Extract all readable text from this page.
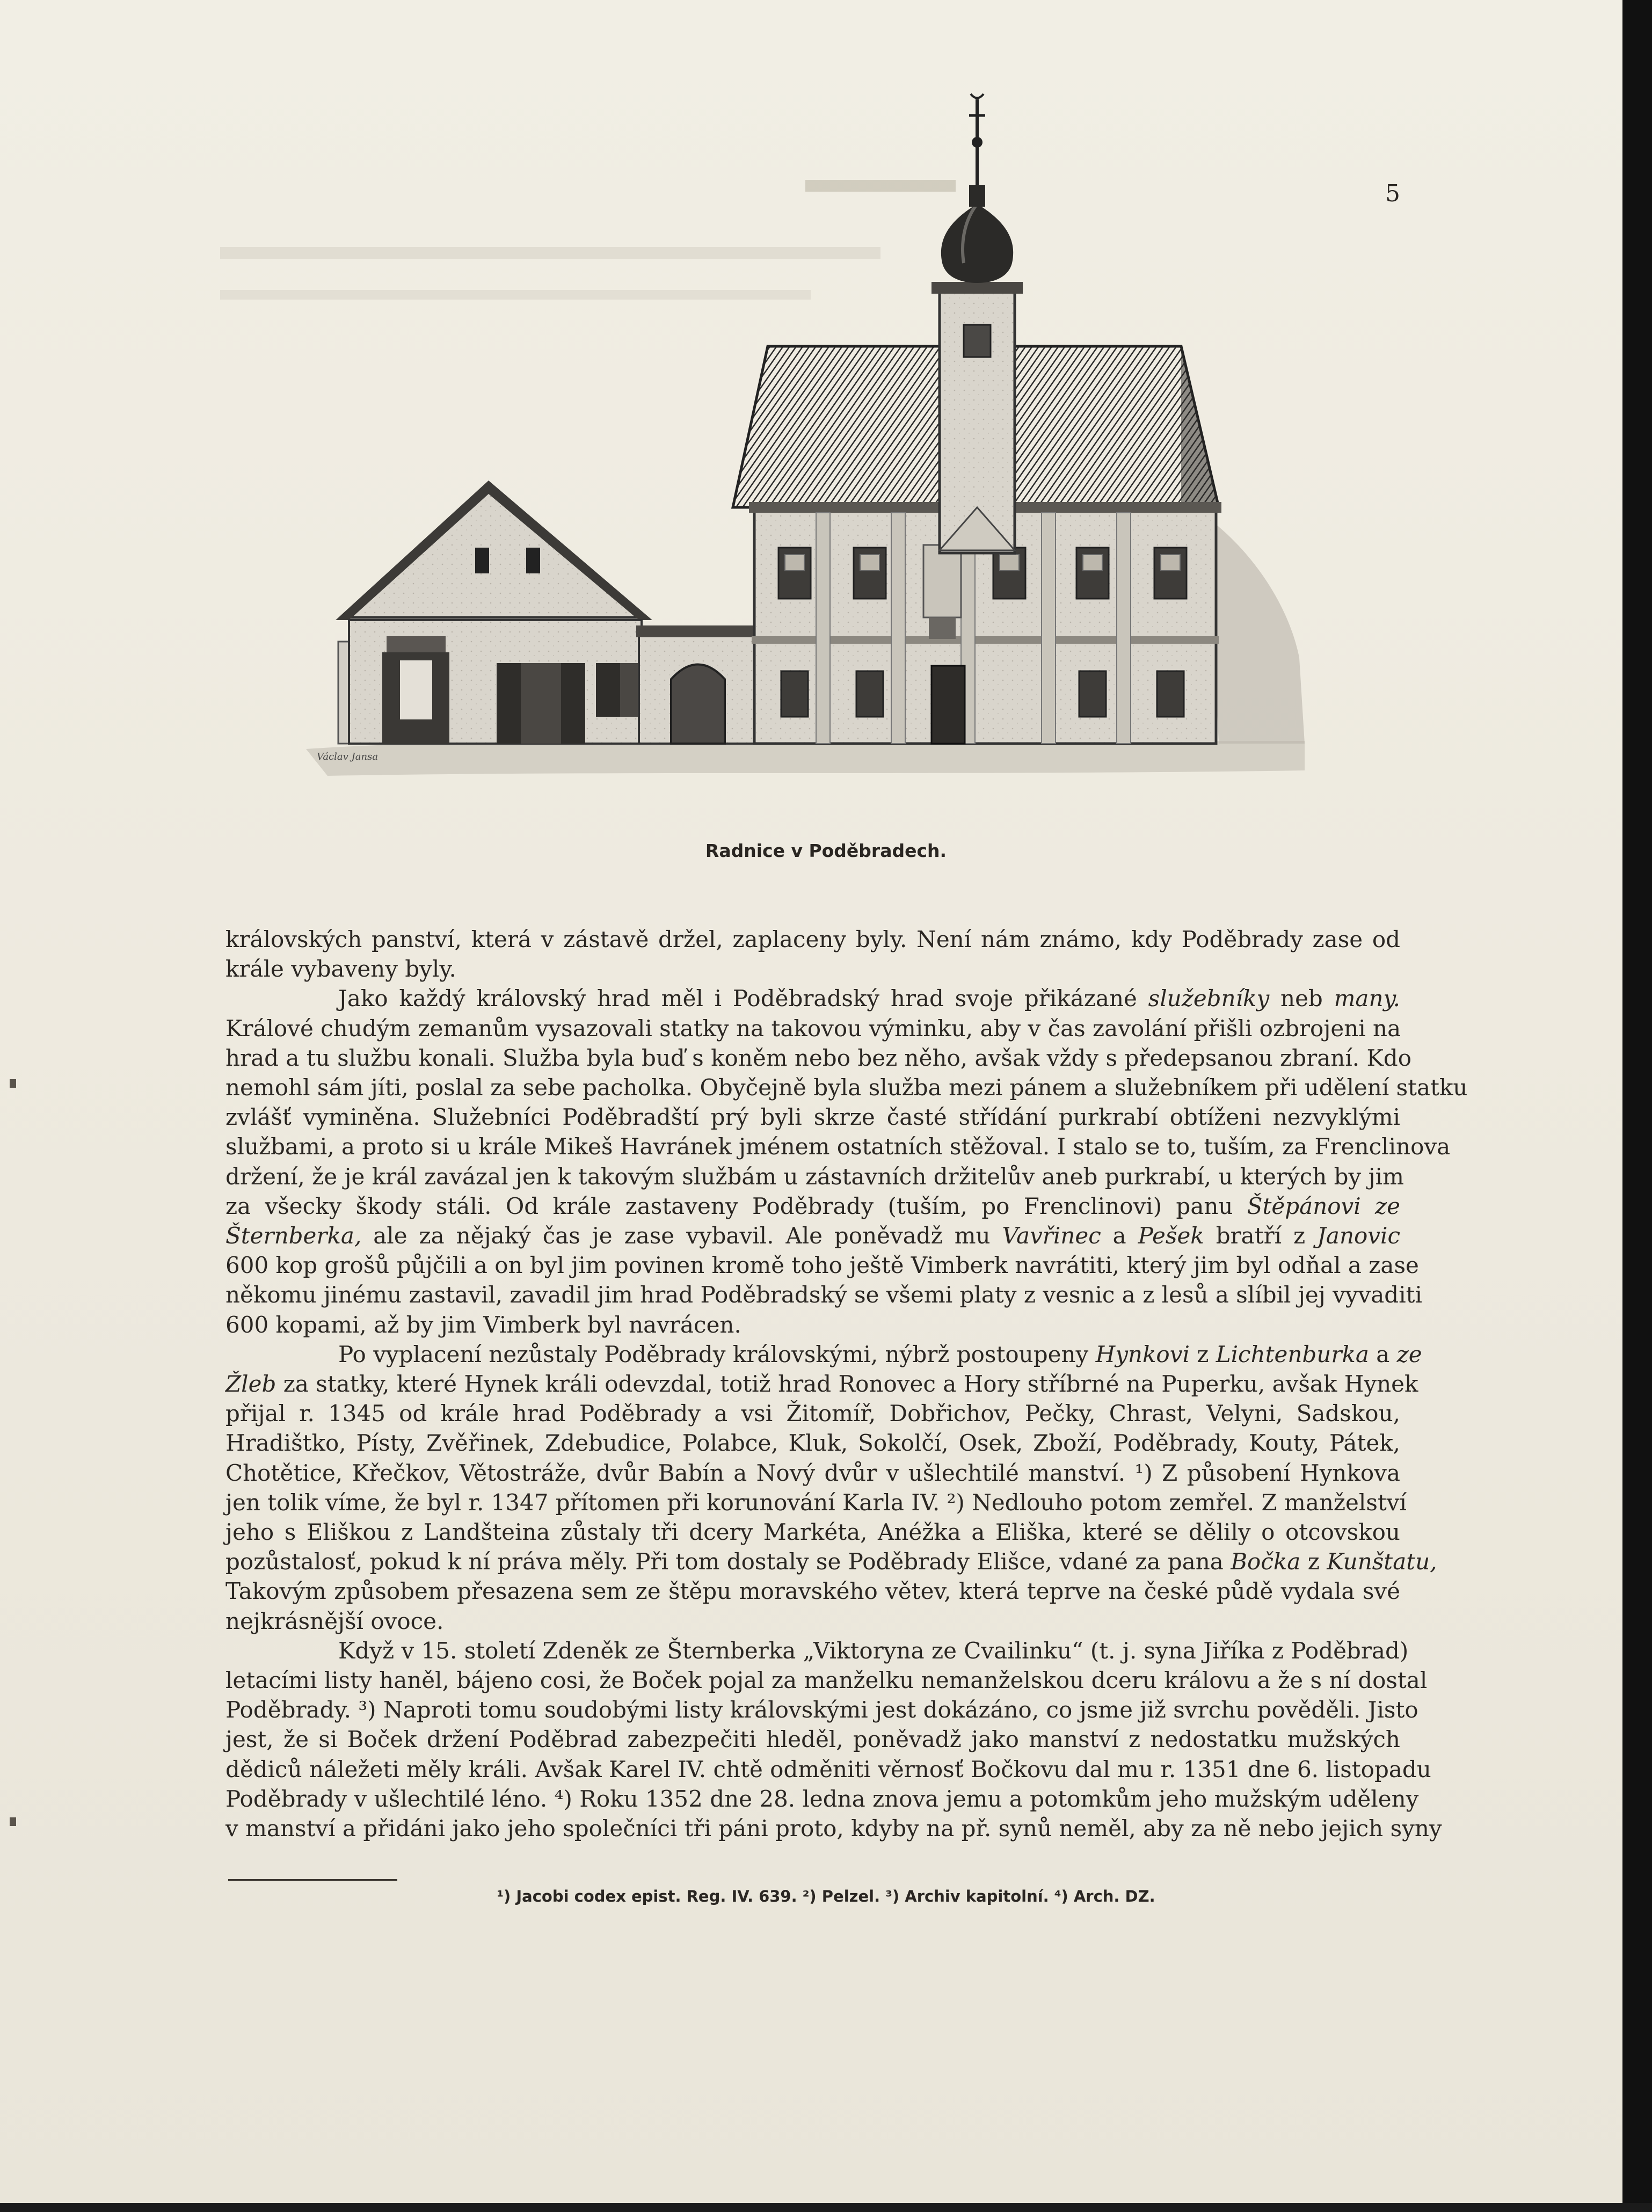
5
Václav Jansa
Radnice v Poděbradech.
královských panství, která v zástavě držel, zaplaceny byly. Není nám známo, kdy Poděbrady zase od
krále vybaveny byly.
Jako každý královský hrad měl i Poděbradský hrad svoje přikázané služebníky neb many.
Králové chudým zemanům vysazovali statky na takovou výminku, aby v čas zavolání přišli ozbrojeni na
hrad a tu službu konali. Služba byla buď s koněm nebo bez něho, avšak vždy s předepsanou zbraní. Kdo
nemohl sám jíti, poslal za sebe pacholka. Obyčejně byla služba mezi pánem a služebníkem při udělení statku
zvlášť vyminěna. Služebníci Poděbradští prý byli skrze časté střídání purkrabí obtíženi nezvyklými
službami, a proto si u krále Mikeš Havránek jménem ostatních stěžoval. I stalo se to, tuším, za Frenclinova
držení, že je král zavázal jen k takovým službám u zástavních držitelův aneb purkrabí, u kterých by jim
za všecky škody stáli. Od krále zastaveny Poděbrady (tuším, po Frenclinovi) panu Štěpánovi ze
Šternberka, ale za nějaký čas je zase vybavil. Ale poněvadž mu Vavřinec a Pešek bratří z Janovic
600 kop grošů půjčili a on byl jim povinen kromě toho ještě Vimberk navrátiti, který jim byl odňal a zase
někomu jinému zastavil, zavadil jim hrad Poděbradský se všemi platy z vesnic a z lesů a slíbil jej vyvaditi
600 kopami, až by jim Vimberk byl navrácen.
Po vyplacení nezůstaly Poděbrady královskými, nýbrž postoupeny Hynkovi z Lichtenburka a ze
Žleb za statky, které Hynek králi odevzdal, totiž hrad Ronovec a Hory stříbrné na Puperku, avšak Hynek
přijal r. 1345 od krále hrad Poděbrady a vsi Žitomíř, Dobřichov, Pečky, Chrast, Velyni, Sadskou,
Hradištko, Písty, Zvěřinek, Zdebudice, Polabce, Kluk, Sokolčí, Osek, Zboží, Poděbrady, Kouty, Pátek,
Chotětice, Křečkov, Větostráže, dvůr Babín a Nový dvůr v ušlechtilé manství. ¹) Z působení Hynkova
jen tolik víme, že byl r. 1347 přítomen při korunování Karla IV. ²) Nedlouho potom zemřel. Z manželství
jeho s Eliškou z Landšteina zůstaly tři dcery Markéta, Anéžka a Eliška, které se dělily o otcovskou
pozůstalosť, pokud k ní práva měly. Při tom dostaly se Poděbrady Elišce, vdané za pana Bočka z Kunštatu,
Takovým způsobem přesazena sem ze štěpu moravského větev, která teprve na české půdě vydala své
nejkrásnější ovoce.
Když v 15. století Zdeněk ze Šternberka „Viktoryna ze Cvailinku“ (t. j. syna Jiříka z Poděbrad)
letacími listy haněl, bájeno cosi, že Boček pojal za manželku nemanželskou dceru královu a že s ní dostal
Poděbrady. ³) Naproti tomu soudobými listy královskými jest dokázáno, co jsme již svrchu pověděli. Jisto
jest, že si Boček držení Poděbrad zabezpečiti hleděl, poněvadž jako manství z nedostatku mužských
dědiců náležeti měly králi. Avšak Karel IV. chtě odměniti věrnosť Bočkovu dal mu r. 1351 dne 6. listopadu
Poděbrady v ušlechtilé léno. ⁴) Roku 1352 dne 28. ledna znova jemu a potomkům jeho mužským uděleny
v manství a přidáni jako jeho společníci tři páni proto, kdyby na př. synů neměl, aby za ně nebo jejich syny
¹) Jacobi codex epist. Reg. IV. 639. ²) Pelzel. ³) Archiv kapitolní. ⁴) Arch. DZ.
